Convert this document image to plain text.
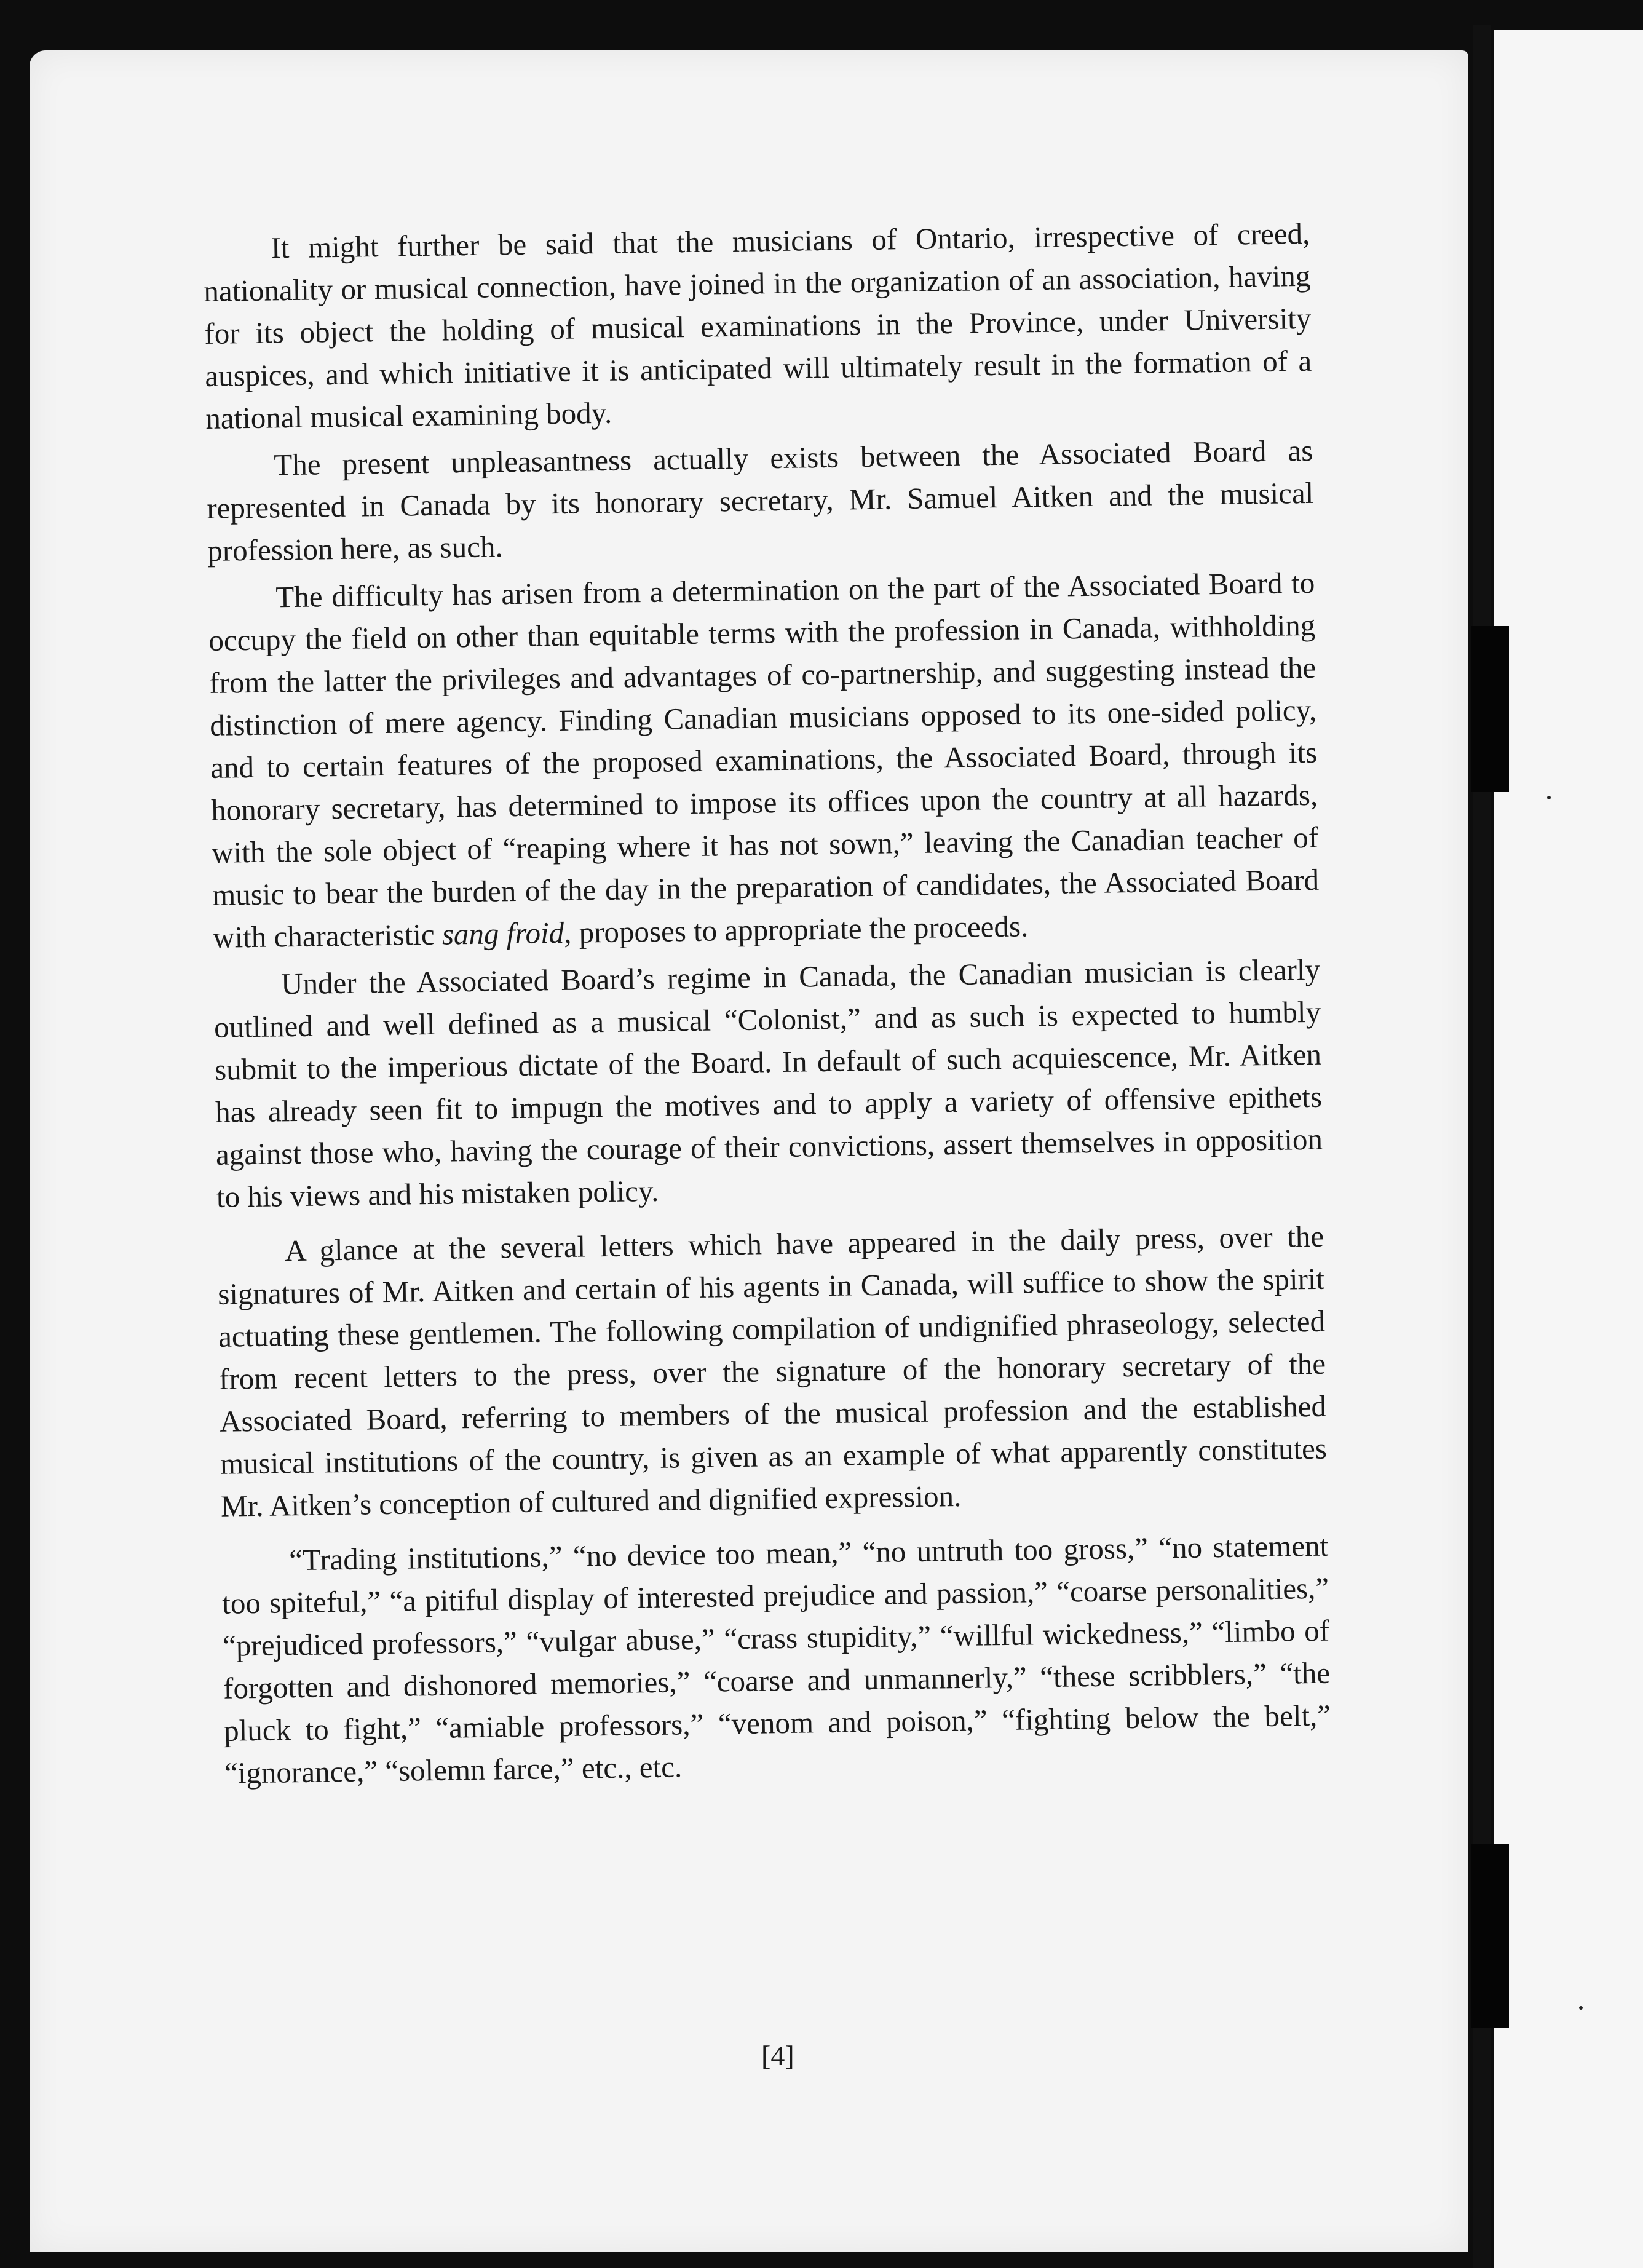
It might further be said that the musicians of Ontario, irrespective of creed, nationality or musical connection, have joined in the organization of an association, having for its object the holding of musical examinations in the Province, under University auspices, and which initiative it is anticipated will ultimately result in the formation of a national musical examining body.

The present unpleasantness actually exists between the Associated Board as represented in Canada by its honorary secretary, Mr. Samuel Aitken and the musical profession here, as such.

The difficulty has arisen from a determination on the part of the Associated Board to occupy the field on other than equitable terms with the profession in Canada, withholding from the latter the privileges and advantages of co-partnership, and suggesting instead the distinction of mere agency. Finding Canadian musicians opposed to its one-sided policy, and to certain features of the proposed examinations, the Associated Board, through its honorary secretary, has determined to impose its offices upon the country at all hazards, with the sole object of “reaping where it has not sown,” leaving the Canadian teacher of music to bear the burden of the day in the preparation of candidates, the Associated Board with characteristic sang froid, proposes to appropriate the proceeds.

Under the Associated Board’s regime in Canada, the Canadian musician is clearly outlined and well defined as a musical “Colonist,” and as such is expected to humbly submit to the imperious dictate of the Board. In default of such acquiescence, Mr. Aitken has already seen fit to impugn the motives and to apply a variety of offensive epithets against those who, having the courage of their convictions, assert themselves in opposition to his views and his mistaken policy.

A glance at the several letters which have appeared in the daily press, over the signatures of Mr. Aitken and certain of his agents in Canada, will suffice to show the spirit actuating these gentlemen. The following compilation of undignified phraseology, selected from recent letters to the press, over the signature of the honorary secretary of the Associated Board, referring to members of the musical profession and the established musical institutions of the country, is given as an example of what apparently constitutes Mr. Aitken’s conception of cultured and dignified expression.

“Trading institutions,” “no device too mean,” “no untruth too gross,” “no statement too spiteful,” “a pitiful display of interested prejudice and passion,” “coarse personalities,” “prejudiced professors,” “vulgar abuse,” “crass stupidity,” “willful wickedness,” “limbo of forgotten and dishonored memories,” “coarse and unmannerly,” “these scribblers,” “the pluck to fight,” “amiable professors,” “venom and poison,” “fighting below the belt,” “ignorance,” “solemn farce,” etc., etc.

[4]
